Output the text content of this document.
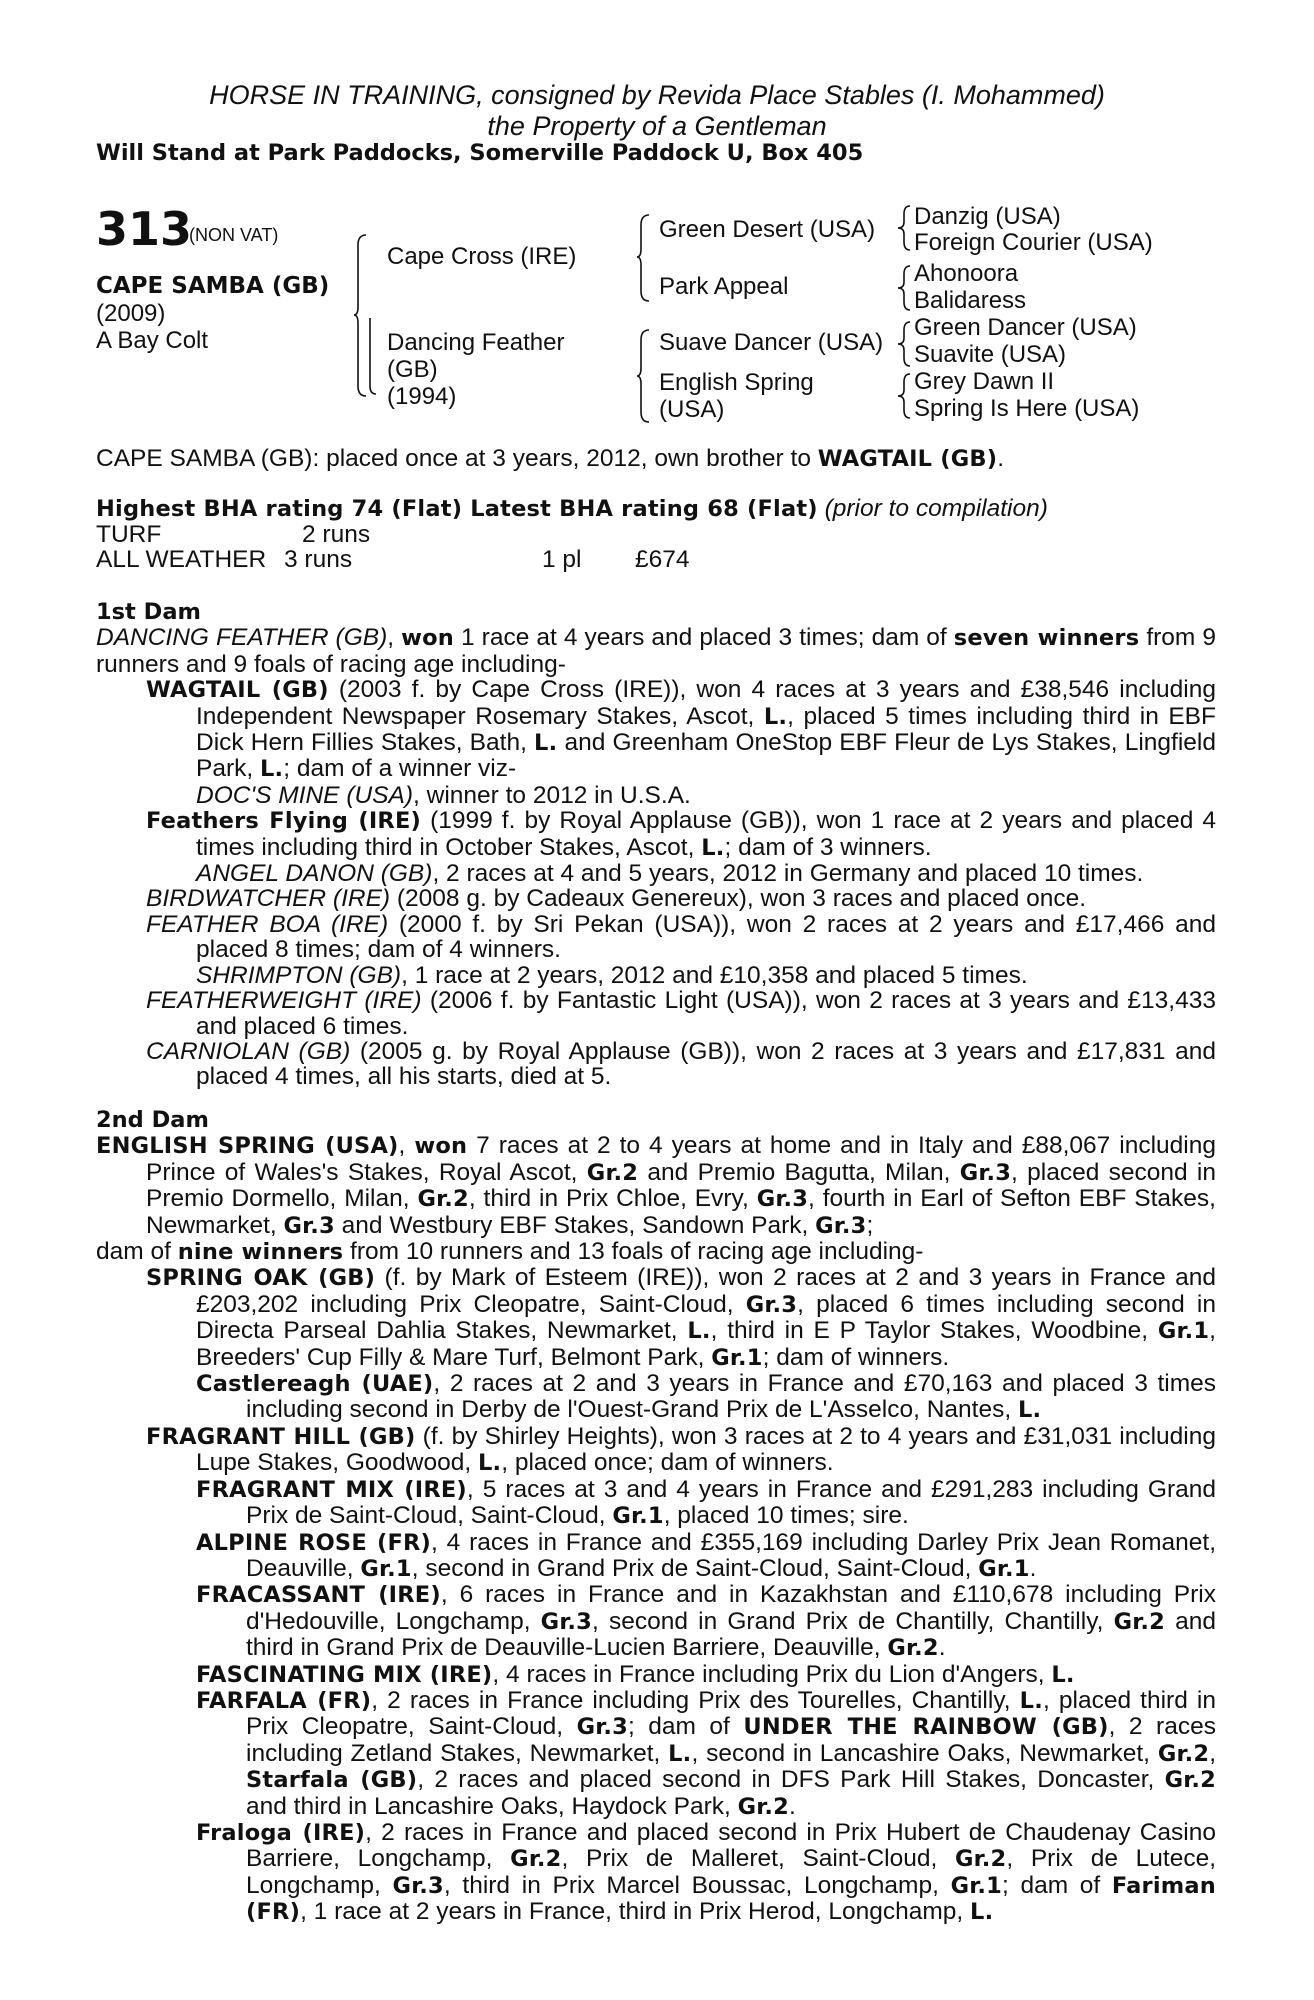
HORSE IN TRAINING, consigned by Revida Place Stables (I. Mohammed)
the Property of a Gentleman
Will Stand at Park Paddocks, Somerville Paddock U, Box 405
313
(NON VAT)
CAPE SAMBA (GB)
(2009)
A Bay Colt
Cape Cross (IRE)
Dancing Feather
(GB)
(1994)
Green Desert (USA)
Park Appeal
Suave Dancer (USA)
English Spring
(USA)
Danzig (USA)
Foreign Courier (USA)
Ahonoora
Balidaress
Green Dancer (USA)
Suavite (USA)
Grey Dawn II
Spring Is Here (USA)
CAPE SAMBA (GB): placed once at 3 years, 2012, own brother to WAGTAIL (GB).
Highest BHA rating 74 (Flat) Latest BHA rating 68 (Flat) (prior to compilation)
TURF	2 runs
ALL WEATHER 3 runs	1 pl £674
1st Dam

DANCING FEATHER (GB), won 1 race at 4 years and placed 3 times; dam of seven winners from 9 runners and 9 foals of racing age including-

WAGTAIL (GB) (2003 f. by Cape Cross (IRE)), won 4 races at 3 years and £38,546 including Independent Newspaper Rosemary Stakes, Ascot, L., placed 5 times including third in EBF Dick Hern Fillies Stakes, Bath, L. and Greenham OneStop EBF Fleur de Lys Stakes, Lingfield Park, L.; dam of a winner viz-

DOC'S MINE (USA), winner to 2012 in U.S.A.

Feathers Flying (IRE) (1999 f. by Royal Applause (GB)), won 1 race at 2 years and placed 4 times including third in October Stakes, Ascot, L.; dam of 3 winners.

ANGEL DANON (GB), 2 races at 4 and 5 years, 2012 in Germany and placed 10 times.

BIRDWATCHER (IRE) (2008 g. by Cadeaux Genereux), won 3 races and placed once.

FEATHER BOA (IRE) (2000 f. by Sri Pekan (USA)), won 2 races at 2 years and £17,466 and placed 8 times; dam of 4 winners.

SHRIMPTON (GB), 1 race at 2 years, 2012 and £10,358 and placed 5 times.

FEATHERWEIGHT (IRE) (2006 f. by Fantastic Light (USA)), won 2 races at 3 years and £13,433 and placed 6 times.

CARNIOLAN (GB) (2005 g. by Royal Applause (GB)), won 2 races at 3 years and £17,831 and placed 4 times, all his starts, died at 5.

2nd Dam

ENGLISH SPRING (USA), won 7 races at 2 to 4 years at home and in Italy and £88,067 including Prince of Wales's Stakes, Royal Ascot, Gr.2 and Premio Bagutta, Milan, Gr.3, placed second in Premio Dormello, Milan, Gr.2, third in Prix Chloe, Evry, Gr.3, fourth in Earl of Sefton EBF Stakes, Newmarket, Gr.3 and Westbury EBF Stakes, Sandown Park, Gr.3;

dam of nine winners from 10 runners and 13 foals of racing age including-

SPRING OAK (GB) (f. by Mark of Esteem (IRE)), won 2 races at 2 and 3 years in France and £203,202 including Prix Cleopatre, Saint-Cloud, Gr.3, placed 6 times including second in Directa Parseal Dahlia Stakes, Newmarket, L., third in E P Taylor Stakes, Woodbine, Gr.1, Breeders' Cup Filly & Mare Turf, Belmont Park, Gr.1; dam of winners.

Castlereagh (UAE), 2 races at 2 and 3 years in France and £70,163 and placed 3 times including second in Derby de l'Ouest-Grand Prix de L'Asselco, Nantes, L.

FRAGRANT HILL (GB) (f. by Shirley Heights), won 3 races at 2 to 4 years and £31,031 including Lupe Stakes, Goodwood, L., placed once; dam of winners.

FRAGRANT MIX (IRE), 5 races at 3 and 4 years in France and £291,283 including Grand Prix de Saint-Cloud, Saint-Cloud, Gr.1, placed 10 times; sire.

ALPINE ROSE (FR), 4 races in France and £355,169 including Darley Prix Jean Romanet, Deauville, Gr.1, second in Grand Prix de Saint-Cloud, Saint-Cloud, Gr.1.

FRACASSANT (IRE), 6 races in France and in Kazakhstan and £110,678 including Prix d'Hedouville, Longchamp, Gr.3, second in Grand Prix de Chantilly, Chantilly, Gr.2 and third in Grand Prix de Deauville-Lucien Barriere, Deauville, Gr.2.

FASCINATING MIX (IRE), 4 races in France including Prix du Lion d'Angers, L.

FARFALA (FR), 2 races in France including Prix des Tourelles, Chantilly, L., placed third in Prix Cleopatre, Saint-Cloud, Gr.3; dam of UNDER THE RAINBOW (GB), 2 races including Zetland Stakes, Newmarket, L., second in Lancashire Oaks, Newmarket, Gr.2, Starfala (GB), 2 races and placed second in DFS Park Hill Stakes, Doncaster, Gr.2 and third in Lancashire Oaks, Haydock Park, Gr.2.

Fraloga (IRE), 2 races in France and placed second in Prix Hubert de Chaudenay Casino Barriere, Longchamp, Gr.2, Prix de Malleret, Saint-Cloud, Gr.2, Prix de Lutece, Longchamp, Gr.3, third in Prix Marcel Boussac, Longchamp, Gr.1; dam of Fariman (FR), 1 race at 2 years in France, third in Prix Herod, Longchamp, L.
